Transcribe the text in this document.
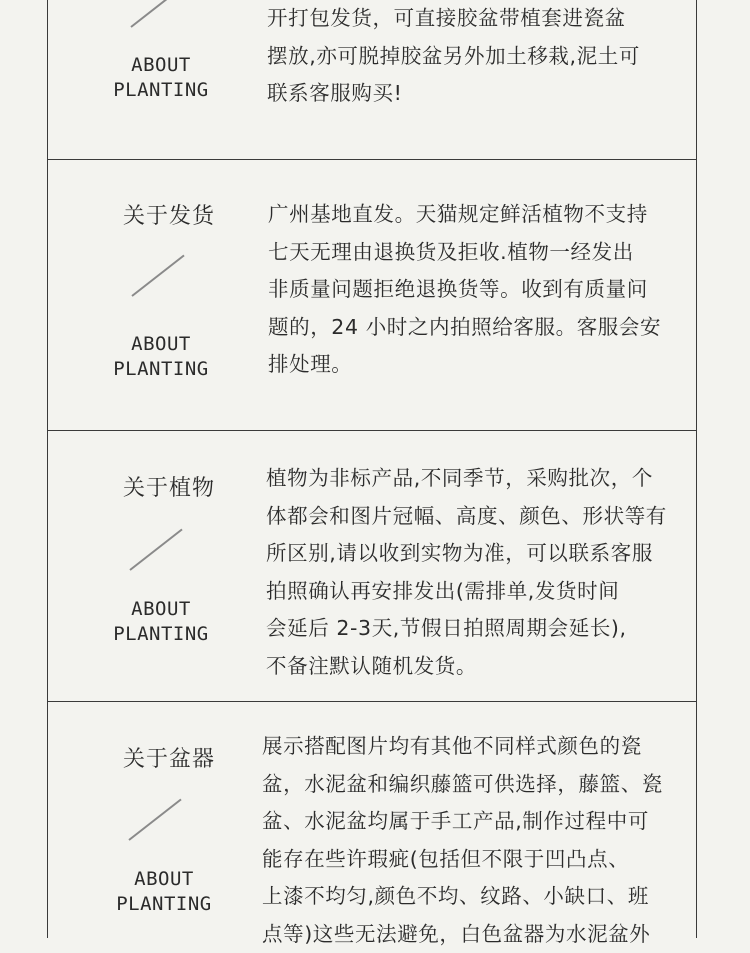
ABOUT
PLANTING
开打包发货，可直接胶盆带植套进瓷盆
摆放,亦可脱掉胶盆另外加土移栽,泥土可
联系客服购买!
关于发货
ABOUT
PLANTING
广州基地直发。天猫规定鲜活植物不支持
七天无理由退换货及拒收.植物一经发出
非质量问题拒绝退换货等。收到有质量问
题的，24 小时之内拍照给客服。客服会安
排处理。
关于植物
ABOUT
PLANTING
植物为非标产品,不同季节，采购批次，个
体都会和图片冠幅、高度、颜色、形状等有
所区别,请以收到实物为准，可以联系客服
拍照确认再安排发出(需排单,发货时间
会延后 2-3天,节假日拍照周期会延长),
不备注默认随机发货。
关于盆器
ABOUT
PLANTING
展示搭配图片均有其他不同样式颜色的瓷
盆，水泥盆和编织藤篮可供选择，藤篮、瓷
盆、水泥盆均属于手工产品,制作过程中可
能存在些许瑕疵(包括但不限于凹凸点、
上漆不均匀,颜色不均、纹路、小缺口、班
点等)这些无法避免，白色盆器为水泥盆外
